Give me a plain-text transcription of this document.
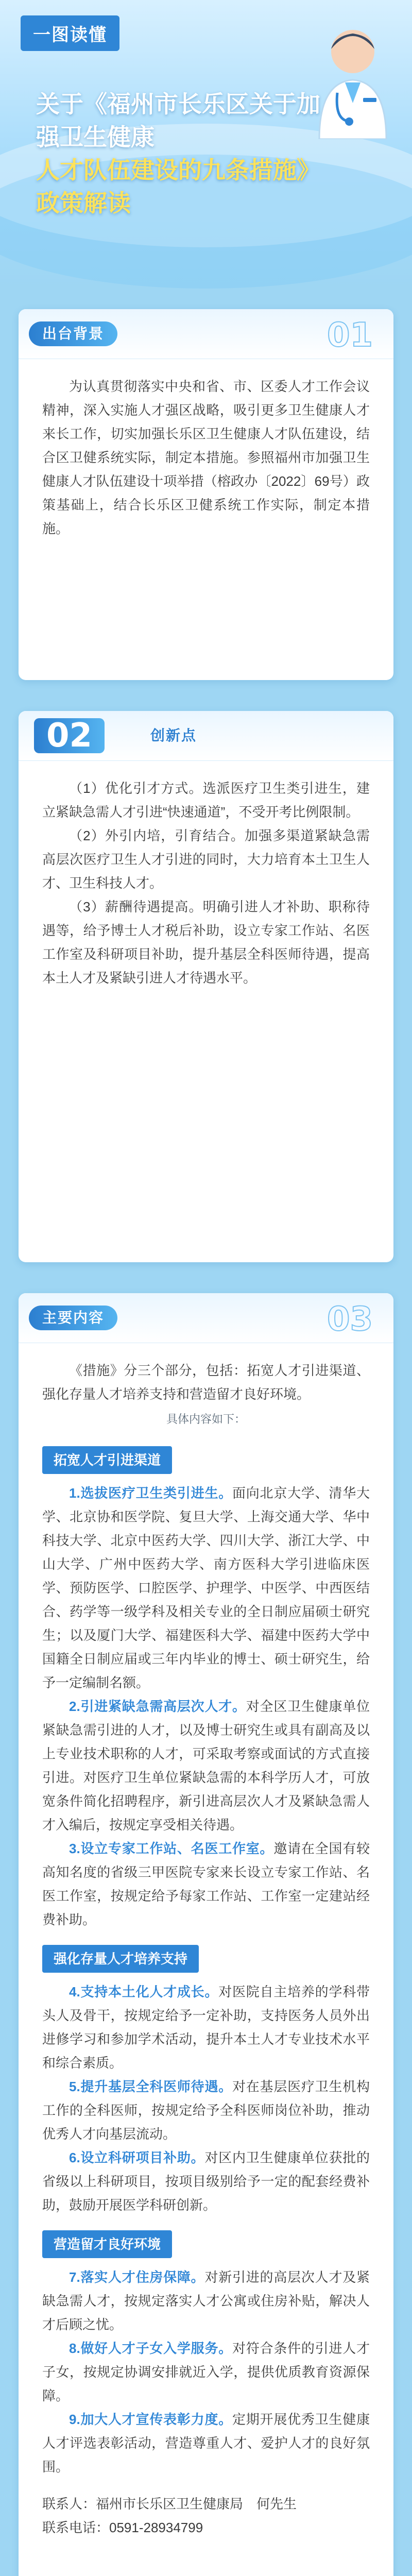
一图读懂
关于《福州市长乐区关于加强卫生健康
人才队伍建设的九条措施》政策解读
出台背景	01

为认真贯彻落实中央和省、市、区委人才工作会议精神，深入实施人才强区战略，吸引更多卫生健康人才来长工作，切实加强长乐区卫生健康人才队伍建设，结合区卫健系统实际，制定本措施。参照福州市加强卫生健康人才队伍建设十项举措（榕政办〔2022〕69号）政策基础上，结合长乐区卫健系统工作实际，制定本措施。

02	创新点

（1）优化引才方式。选派医疗卫生类引进生，建立紧缺急需人才引进“快速通道”，不受开考比例限制。

（2）外引内培，引育结合。加强多渠道紧缺急需高层次医疗卫生人才引进的同时，大力培育本土卫生人才、卫生科技人才。

（3）薪酬待遇提高。明确引进人才补助、职称待遇等，给予博士人才税后补助，设立专家工作站、名医工作室及科研项目补助，提升基层全科医师待遇，提高本土人才及紧缺引进人才待遇水平。

主要内容	03

《措施》分三个部分，包括：拓宽人才引进渠道、强化存量人才培养支持和营造留才良好环境。

具体内容如下：

拓宽人才引进渠道

1.选拔医疗卫生类引进生。面向北京大学、清华大学、北京协和医学院、复旦大学、上海交通大学、华中科技大学、北京中医药大学、四川大学、浙江大学、中山大学、广州中医药大学、南方医科大学引进临床医学、预防医学、口腔医学、护理学、中医学、中西医结合、药学等一级学科及相关专业的全日制应届硕士研究生；以及厦门大学、福建医科大学、福建中医药大学中国籍全日制应届或三年内毕业的博士、硕士研究生，给予一定编制名额。

2.引进紧缺急需高层次人才。对全区卫生健康单位紧缺急需引进的人才，以及博士研究生或具有副高及以上专业技术职称的人才，可采取考察或面试的方式直接引进。对医疗卫生单位紧缺急需的本科学历人才，可放宽条件简化招聘程序，新引进高层次人才及紧缺急需人才入编后，按规定享受相关待遇。

3.设立专家工作站、名医工作室。邀请在全国有较高知名度的省级三甲医院专家来长设立专家工作站、名医工作室，按规定给予每家工作站、工作室一定建站经费补助。

强化存量人才培养支持

4.支持本土化人才成长。对医院自主培养的学科带头人及骨干，按规定给予一定补助，支持医务人员外出进修学习和参加学术活动，提升本土人才专业技术水平和综合素质。

5.提升基层全科医师待遇。对在基层医疗卫生机构工作的全科医师，按规定给予全科医师岗位补助，推动优秀人才向基层流动。

6.设立科研项目补助。对区内卫生健康单位获批的省级以上科研项目，按项目级别给予一定的配套经费补助，鼓励开展医学科研创新。

营造留才良好环境

7.落实人才住房保障。对新引进的高层次人才及紧缺急需人才，按规定落实人才公寓或住房补贴，解决人才后顾之忧。

8.做好人才子女入学服务。对符合条件的引进人才子女，按规定协调安排就近入学，提供优质教育资源保障。

9.加大人才宣传表彰力度。定期开展优秀卫生健康人才评选表彰活动，营造尊重人才、爱护人才的良好氛围。

联系人：福州市长乐区卫生健康局　何先生
联系电话：0591-28934799
